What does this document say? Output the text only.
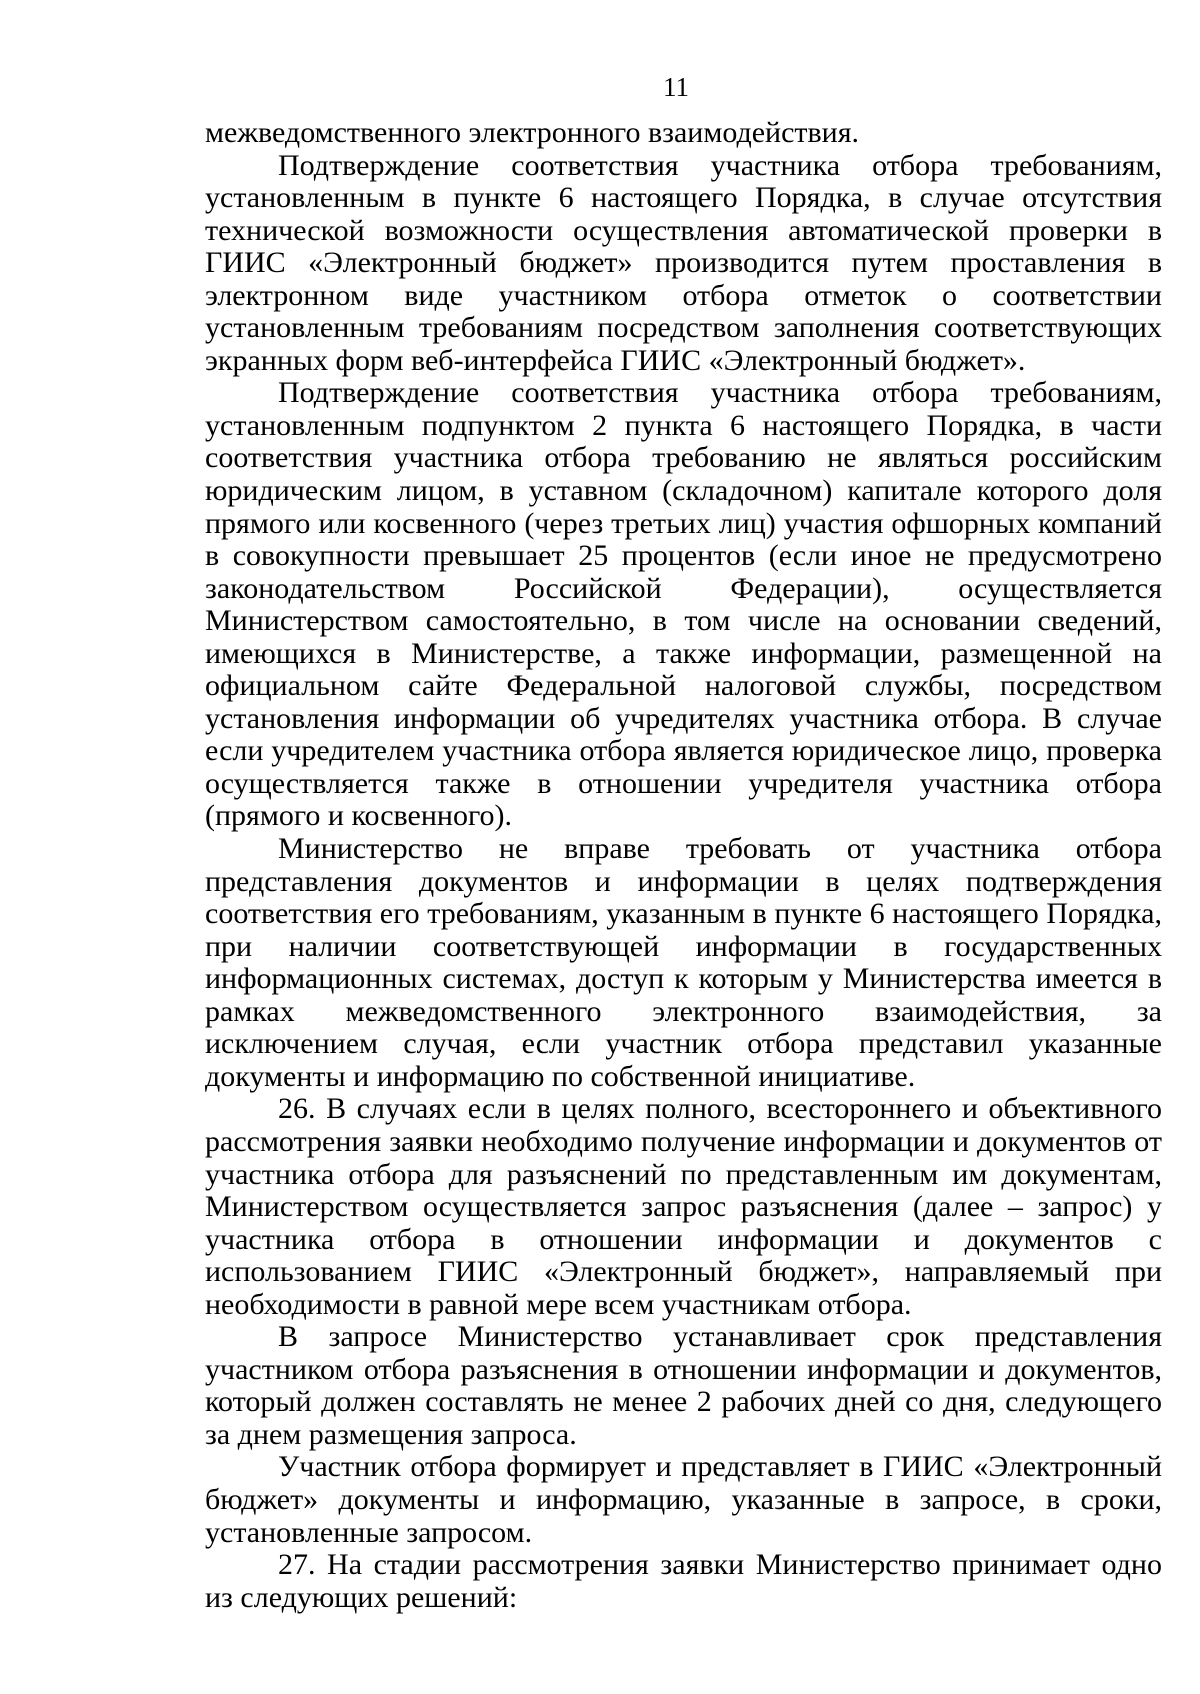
11

межведомственного электронного взаимодействия.

Подтверждение соответствия участника отбора требованиям, установленным в пункте 6 настоящего Порядка, в случае отсутствия технической возможности осуществления автоматической проверки в ГИИС «Электронный бюджет» производится путем проставления в электронном виде участником отбора отметок о соответствии установленным требованиям посредством заполнения соответствующих экранных форм веб-интерфейса ГИИС «Электронный бюджет».

Подтверждение соответствия участника отбора требованиям, установленным подпунктом 2 пункта 6 настоящего Порядка, в части соответствия участника отбора требованию не являться российским юридическим лицом, в уставном (складочном) капитале которого доля прямого или косвенного (через третьих лиц) участия офшорных компаний в совокупности превышает 25 процентов (если иное не предусмотрено законодательством Российской Федерации), осуществляется Министерством самостоятельно, в том числе на основании сведений, имеющихся в Министерстве, а также информации, размещенной на официальном сайте Федеральной налоговой службы, посредством установления информации об учредителях участника отбора. В случае если учредителем участника отбора является юридическое лицо, проверка осуществляется также в отношении учредителя участника отбора (прямого и косвенного).

Министерство не вправе требовать от участника отбора представления документов и информации в целях подтверждения соответствия его требованиям, указанным в пункте 6 настоящего Порядка, при наличии соответствующей информации в государственных информационных системах, доступ к которым у Министерства имеется в рамках межведомственного электронного взаимодействия, за исключением случая, если участник отбора представил указанные документы и информацию по собственной инициативе.

26. В случаях если в целях полного, всестороннего и объективного рассмотрения заявки необходимо получение информации и документов от участника отбора для разъяснений по представленным им документам, Министерством осуществляется запрос разъяснения (далее – запрос) у участника отбора в отношении информации и документов с использованием ГИИС «Электронный бюджет», направляемый при необходимости в равной мере всем участникам отбора.

В запросе Министерство устанавливает срок представления участником отбора разъяснения в отношении информации и документов, который должен составлять не менее 2 рабочих дней со дня, следующего за днем размещения запроса.

Участник отбора формирует и представляет в ГИИС «Электронный бюджет» документы и информацию, указанные в запросе, в сроки, установленные запросом.

27. На стадии рассмотрения заявки Министерство принимает одно из следующих решений:
